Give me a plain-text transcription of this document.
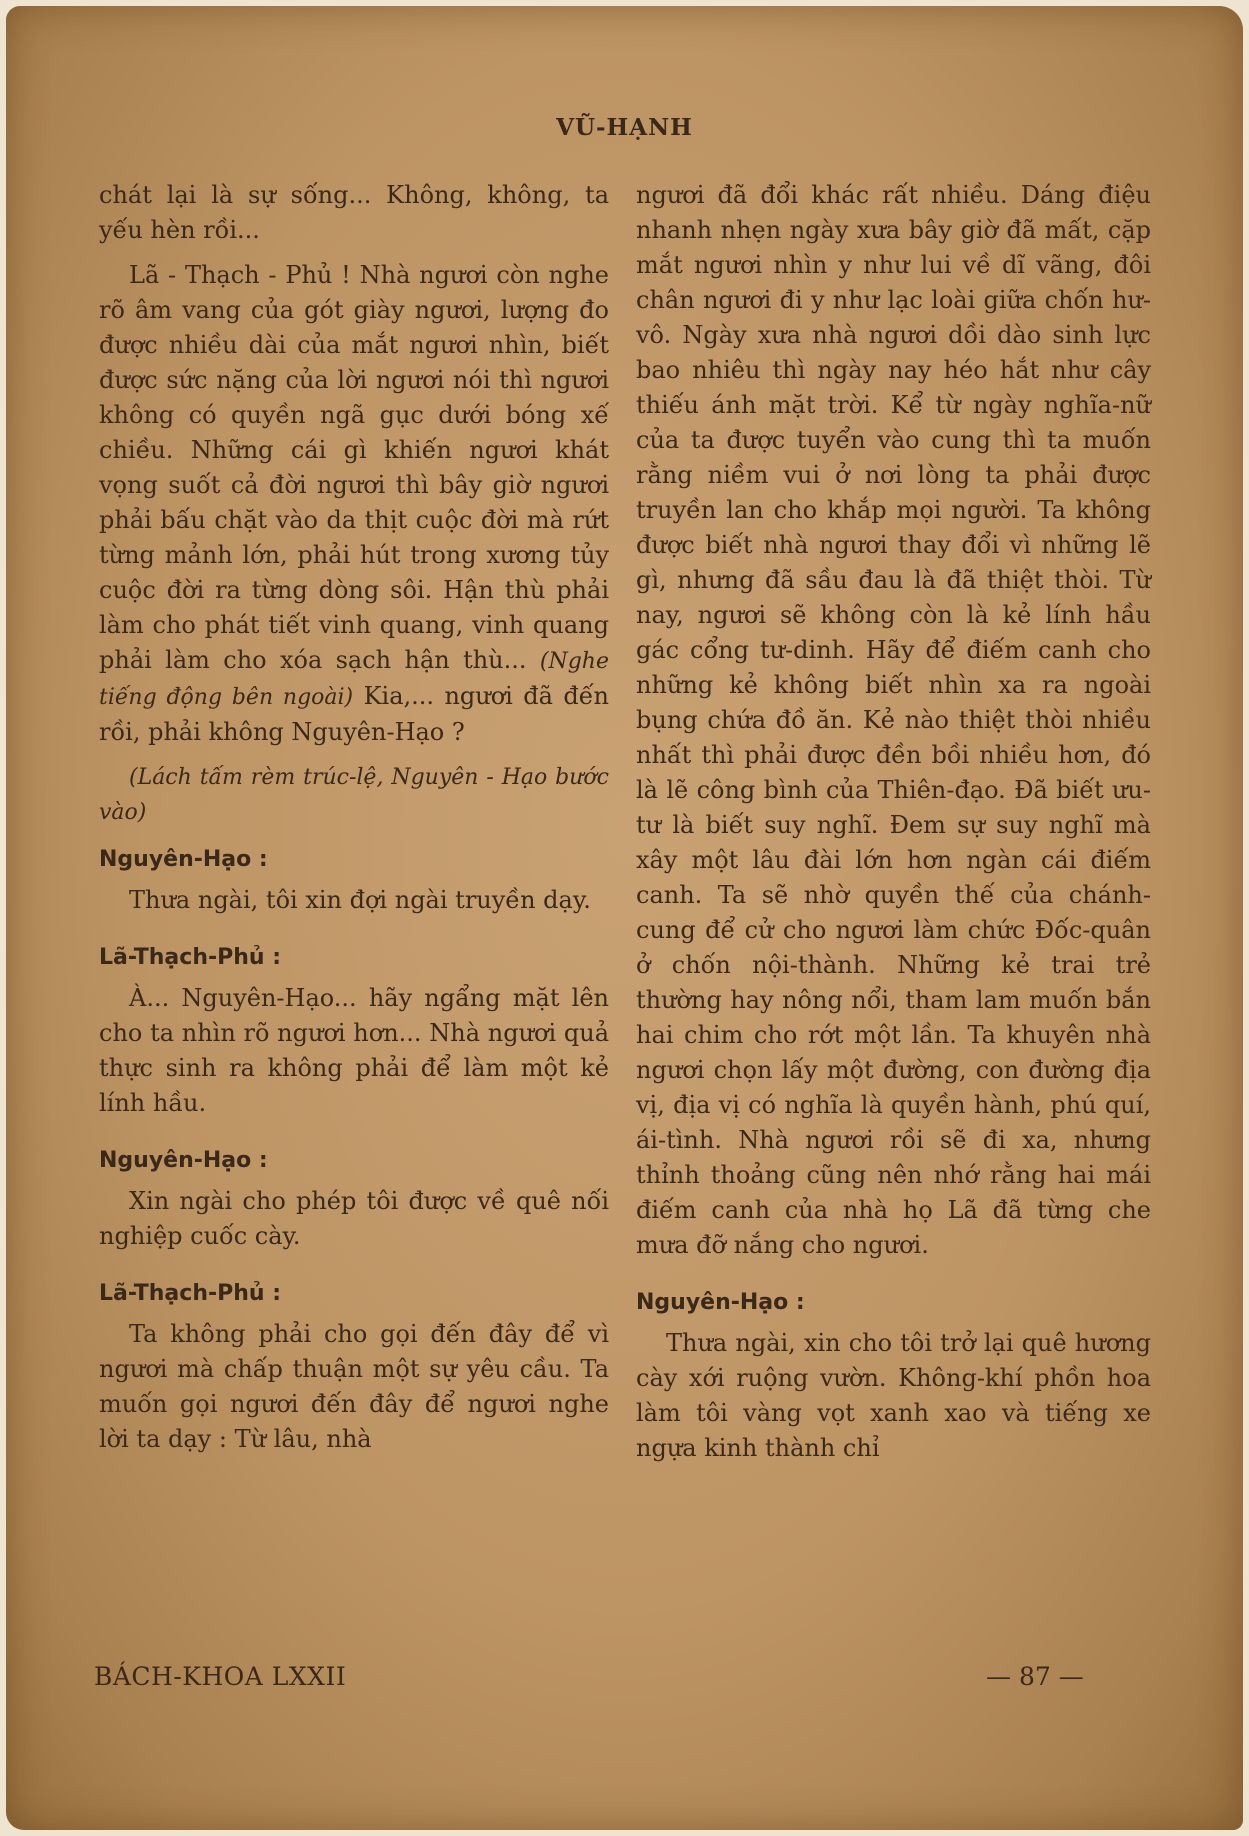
VŨ-HẠNH

chát lại là sự sống... Không, không, ta yếu hèn rồi...

Lã - Thạch - Phủ ! Nhà ngươi còn nghe rõ âm vang của gót giày ngươi, lượng đo được nhiều dài của mắt ngươi nhìn, biết được sức nặng của lời ngươi nói thì ngươi không có quyền ngã gục dưới bóng xế chiều. Những cái gì khiến ngươi khát vọng suốt cả đời ngươi thì bây giờ ngươi phải bấu chặt vào da thịt cuộc đời mà rứt từng mảnh lớn, phải hút trong xương tủy cuộc đời ra từng dòng sôi. Hận thù phải làm cho phát tiết vinh quang, vinh quang phải làm cho xóa sạch hận thù... (Nghe tiếng động bên ngoài) Kia,... ngươi đã đến rồi, phải không Nguyên-Hạo ?

(Lách tấm rèm trúc-lệ, Nguyên - Hạo bước vào)

Nguyên-Hạo :

Thưa ngài, tôi xin đợi ngài truyền dạy.

Lã-Thạch-Phủ :

À... Nguyên-Hạo... hãy ngẩng mặt lên cho ta nhìn rõ ngươi hơn... Nhà ngươi quả thực sinh ra không phải để làm một kẻ lính hầu.

Nguyên-Hạo :

Xin ngài cho phép tôi được về quê nối nghiệp cuốc cày.

Lã-Thạch-Phủ :

Ta không phải cho gọi đến đây để vì ngươi mà chấp thuận một sự yêu cầu. Ta muốn gọi ngươi đến đây để ngươi nghe lời ta dạy : Từ lâu, nhà

ngươi đã đổi khác rất nhiều. Dáng điệu nhanh nhẹn ngày xưa bây giờ đã mất, cặp mắt ngươi nhìn y như lui về dĩ vãng, đôi chân ngươi đi y như lạc loài giữa chốn hư-vô. Ngày xưa nhà ngươi dồi dào sinh lực bao nhiêu thì ngày nay héo hắt như cây thiếu ánh mặt trời. Kể từ ngày nghĩa-nữ của ta được tuyển vào cung thì ta muốn rằng niềm vui ở nơi lòng ta phải được truyền lan cho khắp mọi người. Ta không được biết nhà ngươi thay đổi vì những lẽ gì, nhưng đã sầu đau là đã thiệt thòi. Từ nay, ngươi sẽ không còn là kẻ lính hầu gác cổng tư-dinh. Hãy để điếm canh cho những kẻ không biết nhìn xa ra ngoài bụng chứa đồ ăn. Kẻ nào thiệt thòi nhiều nhất thì phải được đền bồi nhiều hơn, đó là lẽ công bình của Thiên-đạo. Đã biết ưu-tư là biết suy nghĩ. Đem sự suy nghĩ mà xây một lâu đài lớn hơn ngàn cái điếm canh. Ta sẽ nhờ quyền thế của chánh-cung để cử cho ngươi làm chức Đốc-quân ở chốn nội-thành. Những kẻ trai trẻ thường hay nông nổi, tham lam muốn bắn hai chim cho rớt một lần. Ta khuyên nhà ngươi chọn lấy một đường, con đường địa vị, địa vị có nghĩa là quyền hành, phú quí, ái-tình. Nhà ngươi rồi sẽ đi xa, nhưng thỉnh thoảng cũng nên nhớ rằng hai mái điếm canh của nhà họ Lã đã từng che mưa đỡ nắng cho ngươi.

Nguyên-Hạo :

Thưa ngài, xin cho tôi trở lại quê hương cày xới ruộng vườn. Không-khí phồn hoa làm tôi vàng vọt xanh xao và tiếng xe ngựa kinh thành chỉ

BÁCH-KHOA LXXII	— 87 —
